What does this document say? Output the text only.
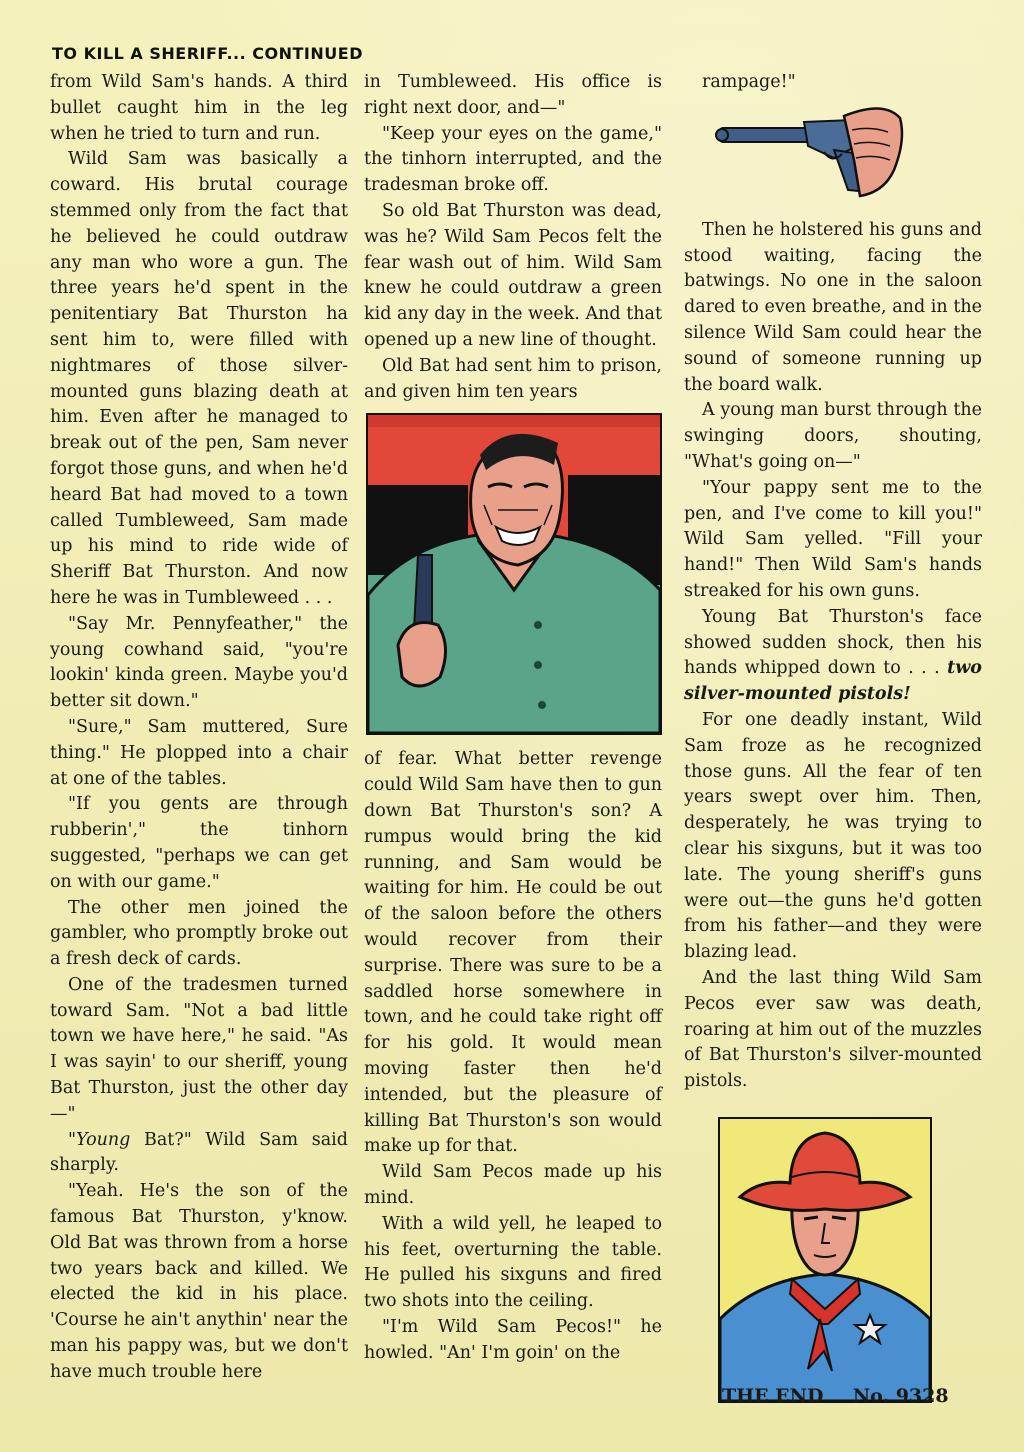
TO KILL A SHERIFF... CONTINUED

from Wild Sam's hands. A third bullet caught him in the leg when he tried to turn and run.

Wild Sam was basically a coward. His brutal courage stemmed only from the fact that he believed he could outdraw any man who wore a gun. The three years he'd spent in the penitentiary Bat Thurston ha sent him to, were filled with nightmares of those silver-mounted guns blazing death at him. Even after he managed to break out of the pen, Sam never forgot those guns, and when he'd heard Bat had moved to a town called Tumbleweed, Sam made up his mind to ride wide of Sheriff Bat Thurston. And now here he was in Tumbleweed . . .

"Say Mr. Pennyfeather," the young cowhand said, "you're lookin' kinda green. Maybe you'd better sit down."

"Sure," Sam muttered, Sure thing." He plopped into a chair at one of the tables.

"If you gents are through rubberin'," the tinhorn suggested, "perhaps we can get on with our game."

The other men joined the gambler, who promptly broke out a fresh deck of cards.

One of the tradesmen turned toward Sam. "Not a bad little town we have here," he said. "As I was sayin' to our sheriff, young Bat Thurston, just the other day—"

"Young Bat?" Wild Sam said sharply.

"Yeah. He's the son of the famous Bat Thurston, y'know. Old Bat was thrown from a horse two years back and killed. We elected the kid in his place. 'Course he ain't anythin' near the man his pappy was, but we don't have much trouble here

in Tumbleweed. His office is right next door, and—"

"Keep your eyes on the game," the tinhorn interrupted, and the tradesman broke off.

So old Bat Thurston was dead, was he? Wild Sam Pecos felt the fear wash out of him. Wild Sam knew he could outdraw a green kid any day in the week. And that opened up a new line of thought.

Old Bat had sent him to prison, and given him ten years

of fear. What better revenge could Wild Sam have then to gun down Bat Thurston's son? A rumpus would bring the kid running, and Sam would be waiting for him. He could be out of the saloon before the others would recover from their surprise. There was sure to be a saddled horse somewhere in town, and he could take right off for his gold. It would mean moving faster then he'd intended, but the pleasure of killing Bat Thurston's son would make up for that.

Wild Sam Pecos made up his mind.

With a wild yell, he leaped to his feet, overturning the table. He pulled his sixguns and fired two shots into the ceiling.

"I'm Wild Sam Pecos!" he howled. "An' I'm goin' on the

rampage!"

Then he holstered his guns and stood waiting, facing the batwings. No one in the saloon dared to even breathe, and in the silence Wild Sam could hear the sound of someone running up the board walk.

A young man burst through the swinging doors, shouting, "What's going on—"

"Your pappy sent me to the pen, and I've come to kill you!" Wild Sam yelled. "Fill your hand!" Then Wild Sam's hands streaked for his own guns.

Young Bat Thurston's face showed sudden shock, then his hands whipped down to . . . two silver-mounted pistols!

For one deadly instant, Wild Sam froze as he recognized those guns. All the fear of ten years swept over him. Then, desperately, he was trying to clear his sixguns, but it was too late. The young sheriff's guns were out—the guns he'd gotten from his father—and they were blazing lead.

And the last thing Wild Sam Pecos ever saw was death, roaring at him out of the muzzles of Bat Thurston's silver-mounted pistols.

THE END No. 9328
